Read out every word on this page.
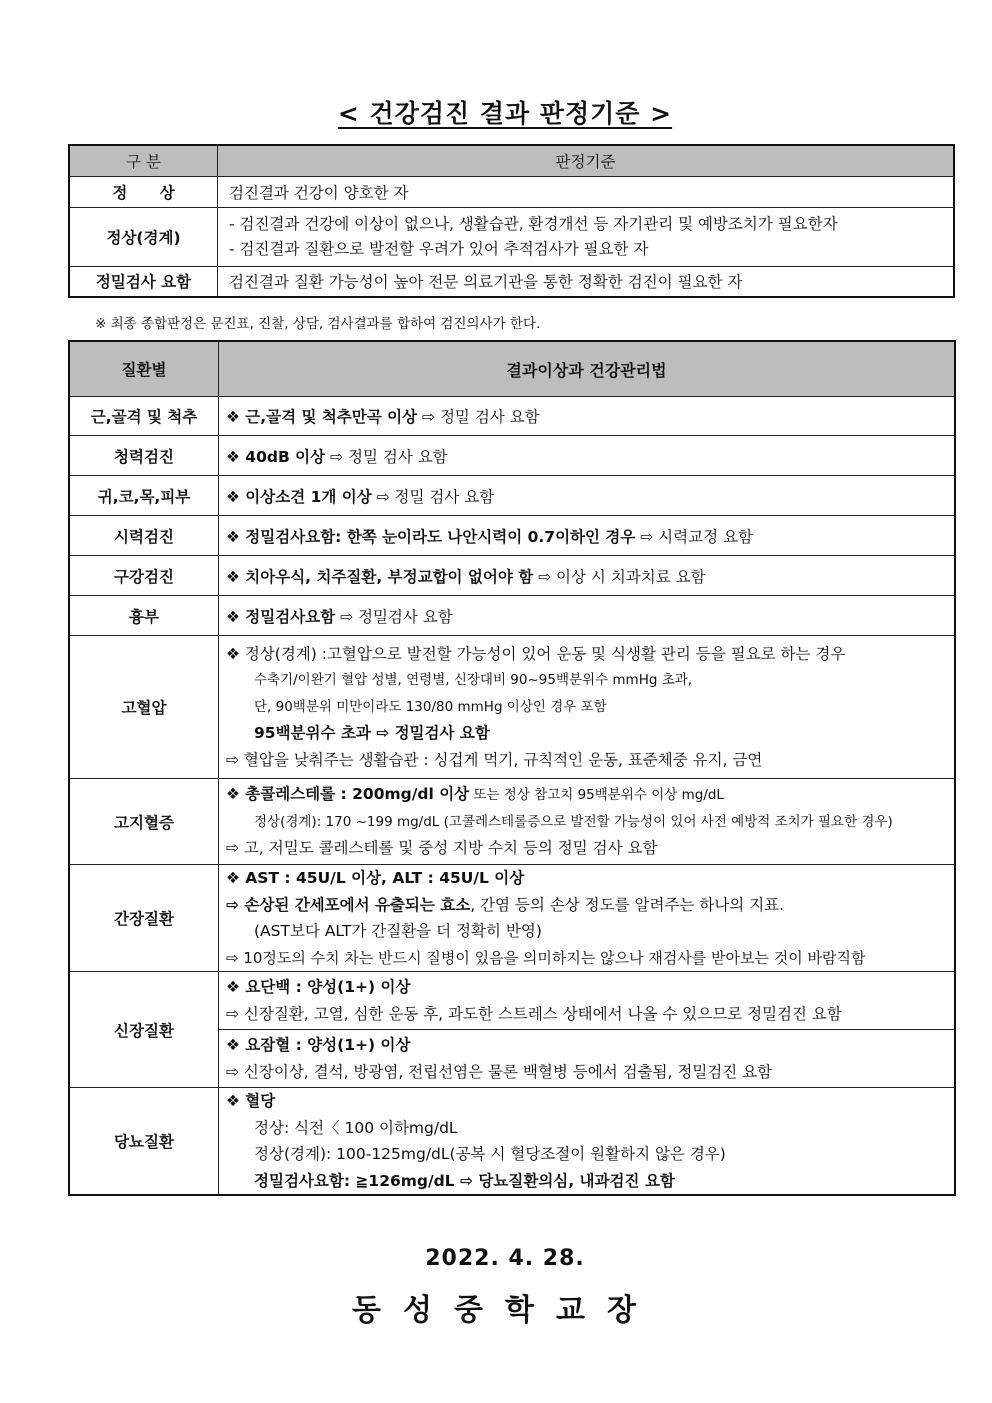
< 건강검진 결과 판정기준 >
구 분	판정기준
정      상	검진결과 건강이 양호한 자
정상(경계)	- 검진결과 건강에 이상이 없으나, 생활습관, 환경개선 등 자기관리 및 예방조치가 필요한자
- 검진결과 질환으로 발전할 우려가 있어 추적검사가 필요한 자

정밀검사 요함	검진결과 질환 가능성이 높아 전문 의료기관을 통한 정확한 검진이 필요한 자
※ 최종 종합판정은 문진표, 진찰, 상담, 검사결과를 합하여 검진의사가 한다.
질환별	결과이상과 건강관리법
근,골격 및 척추	❖ 근,골격 및 척추만곡 이상 ⇨ 정밀 검사 요함
청력검진	❖ 40dB 이상 ⇨ 정밀 검사 요함
귀,코,목,피부	❖ 이상소견 1개 이상 ⇨ 정밀 검사 요함
시력검진	❖ 정밀검사요함: 한쪽 눈이라도 나안시력이 0.7이하인 경우 ⇨ 시력교정 요함
구강검진	❖ 치아우식, 치주질환, 부정교합이 없어야 함 ⇨ 이상 시 치과치료 요함
흉부	❖ 정밀검사요함 ⇨ 정밀검사 요함
고혈압	❖ 정상(경계) :고혈압으로 발전할 가능성이 있어 운동 및 식생활 관리 등을 필요로 하는 경우
수축기/이완기 혈압 성별, 연령별, 신장대비 90~95백분위수 mmHg 초과,
단, 90백분위 미만이라도 130/80 mmHg 이상인 경우 포함
95백분위수 초과 ⇨ 정밀검사 요함
⇨ 혈압을 낮춰주는 생활습관 : 싱겁게 먹기, 규칙적인 운동, 표준체중 유지, 금연

고지혈증	❖ 총콜레스테롤 : 200mg/dl 이상 또는 정상 참고치 95백분위수 이상 mg/dL
정상(경계): 170 ~199 mg/dL (고콜레스테롤증으로 발전할 가능성이 있어 사전 예방적 조치가 필요한 경우)
⇨ 고, 저밀도 콜레스테롤 및 중성 지방 수치 등의 정밀 검사 요함

간장질환	❖ AST : 45U/L 이상, ALT : 45U/L 이상
⇨ 손상된 간세포에서 유출되는 효소, 간염 등의 손상 정도를 알려주는 하나의 지표.
(AST보다 ALT가 간질환을 더 정확히 반영)
⇨ 10정도의 수치 차는 반드시 질병이 있음을 의미하지는 않으나 재검사를 받아보는 것이 바람직함

신장질환	❖ 요단백 : 양성(1+) 이상
⇨ 신장질환, 고열, 심한 운동 후, 과도한 스트레스 상태에서 나올 수 있으므로 정밀검진 요함

	❖ 요잠혈 : 양성(1+) 이상
⇨ 신장이상, 결석, 방광염, 전립선염은 물론 백혈병 등에서 검출됨, 정밀검진 요함

당뇨질환	❖ 혈당
정상: 식전〈 100 이하mg/dL
정상(경계): 100-125mg/dL(공복 시 혈당조절이 원활하지 않은 경우)
정밀검사요함: ≧126mg/dL ⇨ 당뇨질환의심, 내과검진 요함
2022. 4. 28.
동성중학교장
